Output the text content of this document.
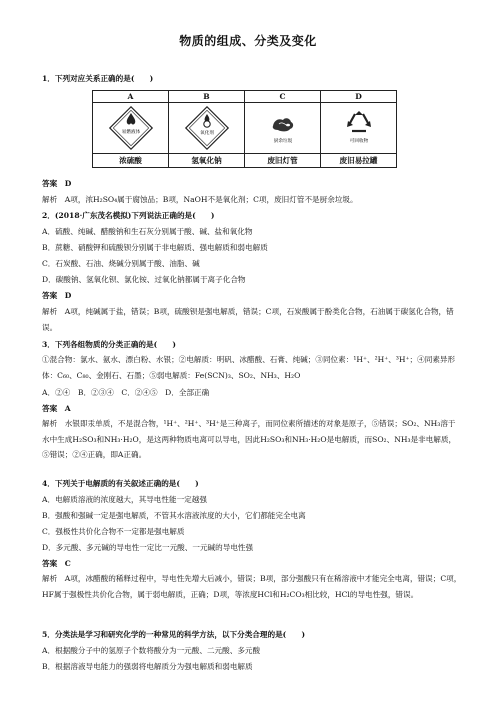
物质的组成、分类及变化
1．下列对应关系正确的是(　　)
A	B	C	D

易燃液体	氧化剂	厨余垃圾	可回收物

浓硫酸	氢氧化钠	废旧灯管	废旧易拉罐
答案　D
解析　A项，浓H₂SO₄属于腐蚀品；B项，NaOH不是氧化剂；C项，废旧灯管不是厨余垃圾。
2．(2018·广东茂名模拟)下列说法正确的是(　　)
A．硫酸、纯碱、醋酸钠和生石灰分别属于酸、碱、盐和氧化物
B．蔗糖、硝酸钾和硫酸钡分别属于非电解质、强电解质和弱电解质
C．石炭酸、石油、烧碱分别属于酸、油脂、碱
D．碳酸钠、氢氧化钡、氯化铵、过氧化钠都属于离子化合物
答案　D
解析　A项，纯碱属于盐，错误；B项，硫酸钡是强电解质，错误；C项，石炭酸属于酚类化合物，石油属于碳氢化合物，错误。
3．下列各组物质的分类正确的是(　　)
①混合物：氯水、氨水、漂白粉、水银；②电解质：明矾、冰醋酸、石膏、纯碱；③同位素：¹H⁺、²H⁺、³H⁺；④同素异形体：C₆₀、C₈₀、金刚石、石墨；⑤弱电解质：Fe(SCN)₃、SO₂、NH₃、H₂O
A．②④　B．②③④　C．②④⑤　D．全部正确
答案　A
解析　水银即汞单质，不是混合物，¹H⁺、²H⁺、³H⁺是三种离子，而同位素所描述的对象是原子，⑤错误；SO₂、NH₃溶于水中生成H₂SO₃和NH₃·H₂O，是这两种物质电离可以导电，因此H₂SO₃和NH₃·H₂O是电解质，而SO₂、NH₃是非电解质，⑤错误；②④正确，即A正确。
4．下列关于电解质的有关叙述正确的是(　　)
A．电解质溶液的浓度越大，其导电性能一定越强
B．强酸和强碱一定是强电解质，不管其水溶液浓度的大小，它们都能完全电离
C．强极性共价化合物不一定都是强电解质
D．多元酸、多元碱的导电性一定比一元酸、一元碱的导电性强
答案　C
解析　A项，冰醋酸的稀释过程中，导电性先增大后减小，错误；B项，部分强酸只有在稀溶液中才能完全电离，错误；C项，HF属于强极性共价化合物，属于弱电解质，正确；D项，等浓度HCl和H₂CO₃相比较，HCl的导电性强，错误。
5．分类法是学习和研究化学的一种常见的科学方法，以下分类合理的是(　　)
A．根据酸分子中的氢原子个数将酸分为一元酸、二元酸、多元酸
B．根据溶液导电能力的强弱将电解质分为强电解质和弱电解质
